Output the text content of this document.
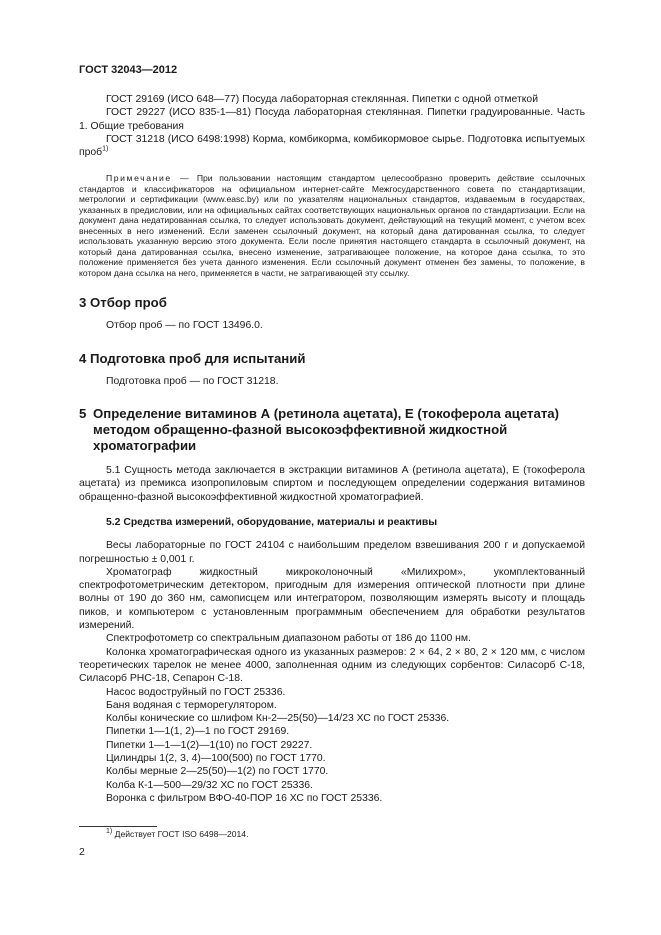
ГОСТ 32043—2012

ГОСТ 29169 (ИСО 648—77) Посуда лабораторная стеклянная. Пипетки с одной отметкой

ГОСТ 29227 (ИСО 835-1—81) Посуда лабораторная стеклянная. Пипетки градуированные. Часть 1. Общие требования

ГОСТ 31218 (ИСО 6498:1998) Корма, комбикорма, комбикормовое сырье. Подготовка испытуемых проб$^{1)}$

Примечание — При пользовании настоящим стандартом целесообразно проверить действие ссылочных стандартов и классификаторов на официальном интернет-сайте Межгосударственного совета по стандартизации, метрологии и сертификации (www.easc.by) или по указателям национальных стандартов, издаваемым в государствах, указанных в предисловии, или на официальных сайтах соответствующих национальных органов по стандартизации. Если на документ дана недатированная ссылка, то следует использовать документ, действующий на текущий момент, с учетом всех внесенных в него изменений. Если заменен ссылочный документ, на который дана датированная ссылка, то следует использовать указанную версию этого документа. Если после принятия настоящего стандарта в ссылочный документ, на который дана датированная ссылка, внесено изменение, затрагивающее положение, на которое дана ссылка, то это положение применяется без учета данного изменения. Если ссылочный документ отменен без замены, то положение, в котором дана ссылка на него, применяется в части, не затрагивающей эту ссылку.

3 Отбор проб

Отбор проб — по ГОСТ 13496.0.

4 Подготовка проб для испытаний

Подготовка проб — по ГОСТ 31218.

5 Определение витаминов А (ретинола ацетата), Е (токоферола ацетата) методом обращенно-фазной высокоэффективной жидкостной хроматографии

5.1 Сущность метода заключается в экстракции витаминов А (ретинола ацетата), Е (токоферола ацетата) из премикса изопропиловым спиртом и последующем определении содержания витаминов обращенно-фазной высокоэффективной жидкостной хроматографией.

5.2 Средства измерений, оборудование, материалы и реактивы

Весы лабораторные по ГОСТ 24104 с наибольшим пределом взвешивания 200 г и допускаемой погрешностью ± 0,001 г.

Хроматограф жидкостный микроколоночный «Милихром», укомплектованный спектрофотометрическим детектором, пригодным для измерения оптической плотности при длине волны от 190 до 360 нм, самописцем или интегратором, позволяющим измерять высоту и площадь пиков, и компьютером с установленным программным обеспечением для обработки результатов измерений.

Спектрофотометр со спектральным диапазоном работы от 186 до 1100 нм.

Колонка хроматографическая одного из указанных размеров: 2 × 64, 2 × 80, 2 × 120 мм, с числом теоретических тарелок не менее 4000, заполненная одним из следующих сорбентов: Силасорб С-18, Силасорб РНС-18, Сепарон С-18.

Насос водоструйный по ГОСТ 25336.

Баня водяная с терморегулятором.

Колбы конические со шлифом Кн-2—25(50)—14/23 ХС по ГОСТ 25336.

Пипетки 1—1(1, 2)—1 по ГОСТ 29169.

Пипетки 1—1—1(2)—1(10) по ГОСТ 29227.

Цилиндры 1(2, 3, 4)—100(500) по ГОСТ 1770.

Колбы мерные 2—25(50)—1(2) по ГОСТ 1770.

Колба К-1—500—29/32 ХС по ГОСТ 25336.

Воронка с фильтром ВФО-40-ПОР 16 ХС по ГОСТ 25336.

$^{1)}$ Действует ГОСТ ISO 6498—2014.
2
